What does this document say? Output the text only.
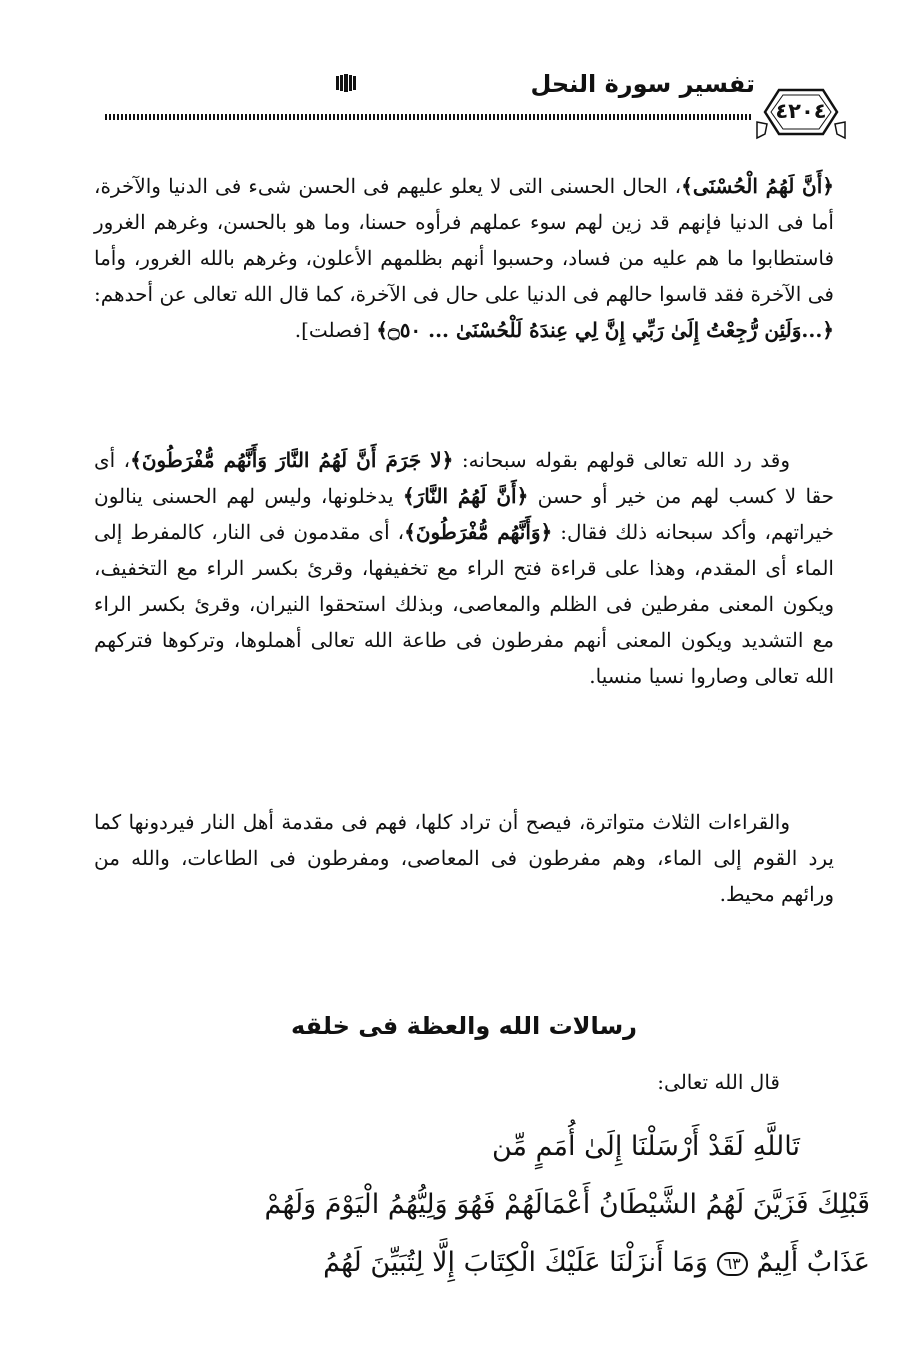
تفسير سورة النحل
٤٢٠٤

﴿أَنَّ لَهُمُ الْحُسْنَى﴾، الحال الحسنى التى لا يعلو عليهم فى الحسن شىء فى الدنيا والآخرة، أما فى الدنيا فإنهم قد زين لهم سوء عملهم فرأوه حسنا، وما هو بالحسن، وغرهم الغرور فاستطابوا ما هم عليه من فساد، وحسبوا أنهم بظلمهم الأعلون، وغرهم بالله الغرور، وأما فى الآخرة فقد قاسوا حالهم فى الدنيا على حال فى الآخرة، كما قال الله تعالى عن أحدهم: ﴿...وَلَئِن رُّجِعْتُ إِلَىٰ رَبِّي إِنَّ لِي عِندَهُ لَلْحُسْنَىٰ ... ۝٥٠﴾ [فصلت].

وقد رد الله تعالى قولهم بقوله سبحانه: ﴿لا جَرَمَ أَنَّ لَهُمُ النَّارَ وَأَنَّهُم مُّفْرَطُونَ﴾، أى حقا لا كسب لهم من خير أو حسن ﴿أَنَّ لَهُمُ النَّارَ﴾ يدخلونها، وليس لهم الحسنى ينالون خيراتهم، وأكد سبحانه ذلك فقال: ﴿وَأَنَّهُم مُّفْرَطُونَ﴾، أى مقدمون فى النار، كالمفرط إلى الماء أى المقدم، وهذا على قراءة فتح الراء مع تخفيفها، وقرئ بكسر الراء مع التخفيف، ويكون المعنى مفرطين فى الظلم والمعاصى، وبذلك استحقوا النيران، وقرئ بكسر الراء مع التشديد ويكون المعنى أنهم مفرطون فى طاعة الله تعالى أهملوها، وتركوها فتركهم الله تعالى وصاروا نسيا منسيا.

والقراءات الثلاث متواترة، فيصح أن تراد كلها، فهم فى مقدمة أهل النار فيردونها كما يرد القوم إلى الماء، وهم مفرطون فى المعاصى، ومفرطون فى الطاعات، والله من ورائهم محيط.

رسالات الله والعظة فى خلقه
قال الله تعالى:
تَاللَّهِ لَقَدْ أَرْسَلْنَا إِلَىٰ أُمَمٍ مِّن
قَبْلِكَ فَزَيَّنَ لَهُمُ الشَّيْطَانُ أَعْمَالَهُمْ فَهُوَ وَلِيُّهُمُ الْيَوْمَ وَلَهُمْ
عَذَابٌ أَلِيمٌ ٦٣ وَمَا أَنزَلْنَا عَلَيْكَ الْكِتَابَ إِلَّا لِتُبَيِّنَ لَهُمُ
